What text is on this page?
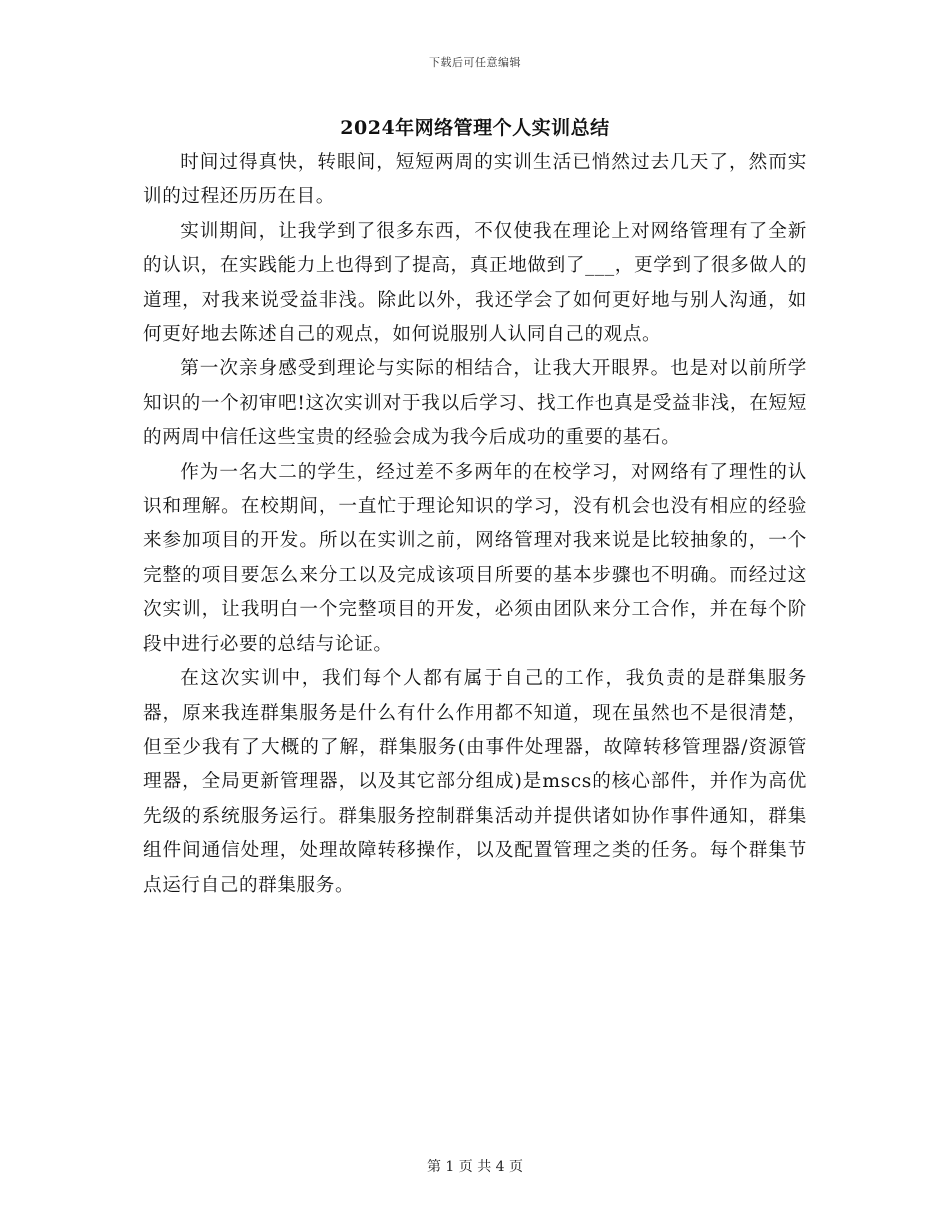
下载后可任意编辑
2024年网络管理个人实训总结

时间过得真快，转眼间，短短两周的实训生活已悄然过去几天了，然而实训的过程还历历在目。

实训期间，让我学到了很多东西，不仅使我在理论上对网络管理有了全新的认识，在实践能力上也得到了提高，真正地做到了___，更学到了很多做人的道理，对我来说受益非浅。除此以外，我还学会了如何更好地与别人沟通，如何更好地去陈述自己的观点，如何说服别人认同自己的观点。

第一次亲身感受到理论与实际的相结合，让我大开眼界。也是对以前所学知识的一个初审吧!这次实训对于我以后学习、找工作也真是受益非浅，在短短的两周中信任这些宝贵的经验会成为我今后成功的重要的基石。

作为一名大二的学生，经过差不多两年的在校学习，对网络有了理性的认识和理解。在校期间，一直忙于理论知识的学习，没有机会也没有相应的经验来参加项目的开发。所以在实训之前，网络管理对我来说是比较抽象的，一个完整的项目要怎么来分工以及完成该项目所要的基本步骤也不明确。而经过这次实训，让我明白一个完整项目的开发，必须由团队来分工合作，并在每个阶段中进行必要的总结与论证。

在这次实训中，我们每个人都有属于自己的工作，我负责的是群集服务器，原来我连群集服务是什么有什么作用都不知道，现在虽然也不是很清楚，但至少我有了大概的了解，群集服务(由事件处理器，故障转移管理器/资源管理器，全局更新管理器，以及其它部分组成)是mscs的核心部件，并作为高优先级的系统服务运行。群集服务控制群集活动并提供诸如协作事件通知，群集组件间通信处理，处理故障转移操作，以及配置管理之类的任务。每个群集节点运行自己的群集服务。

第 1 页 共 4 页
